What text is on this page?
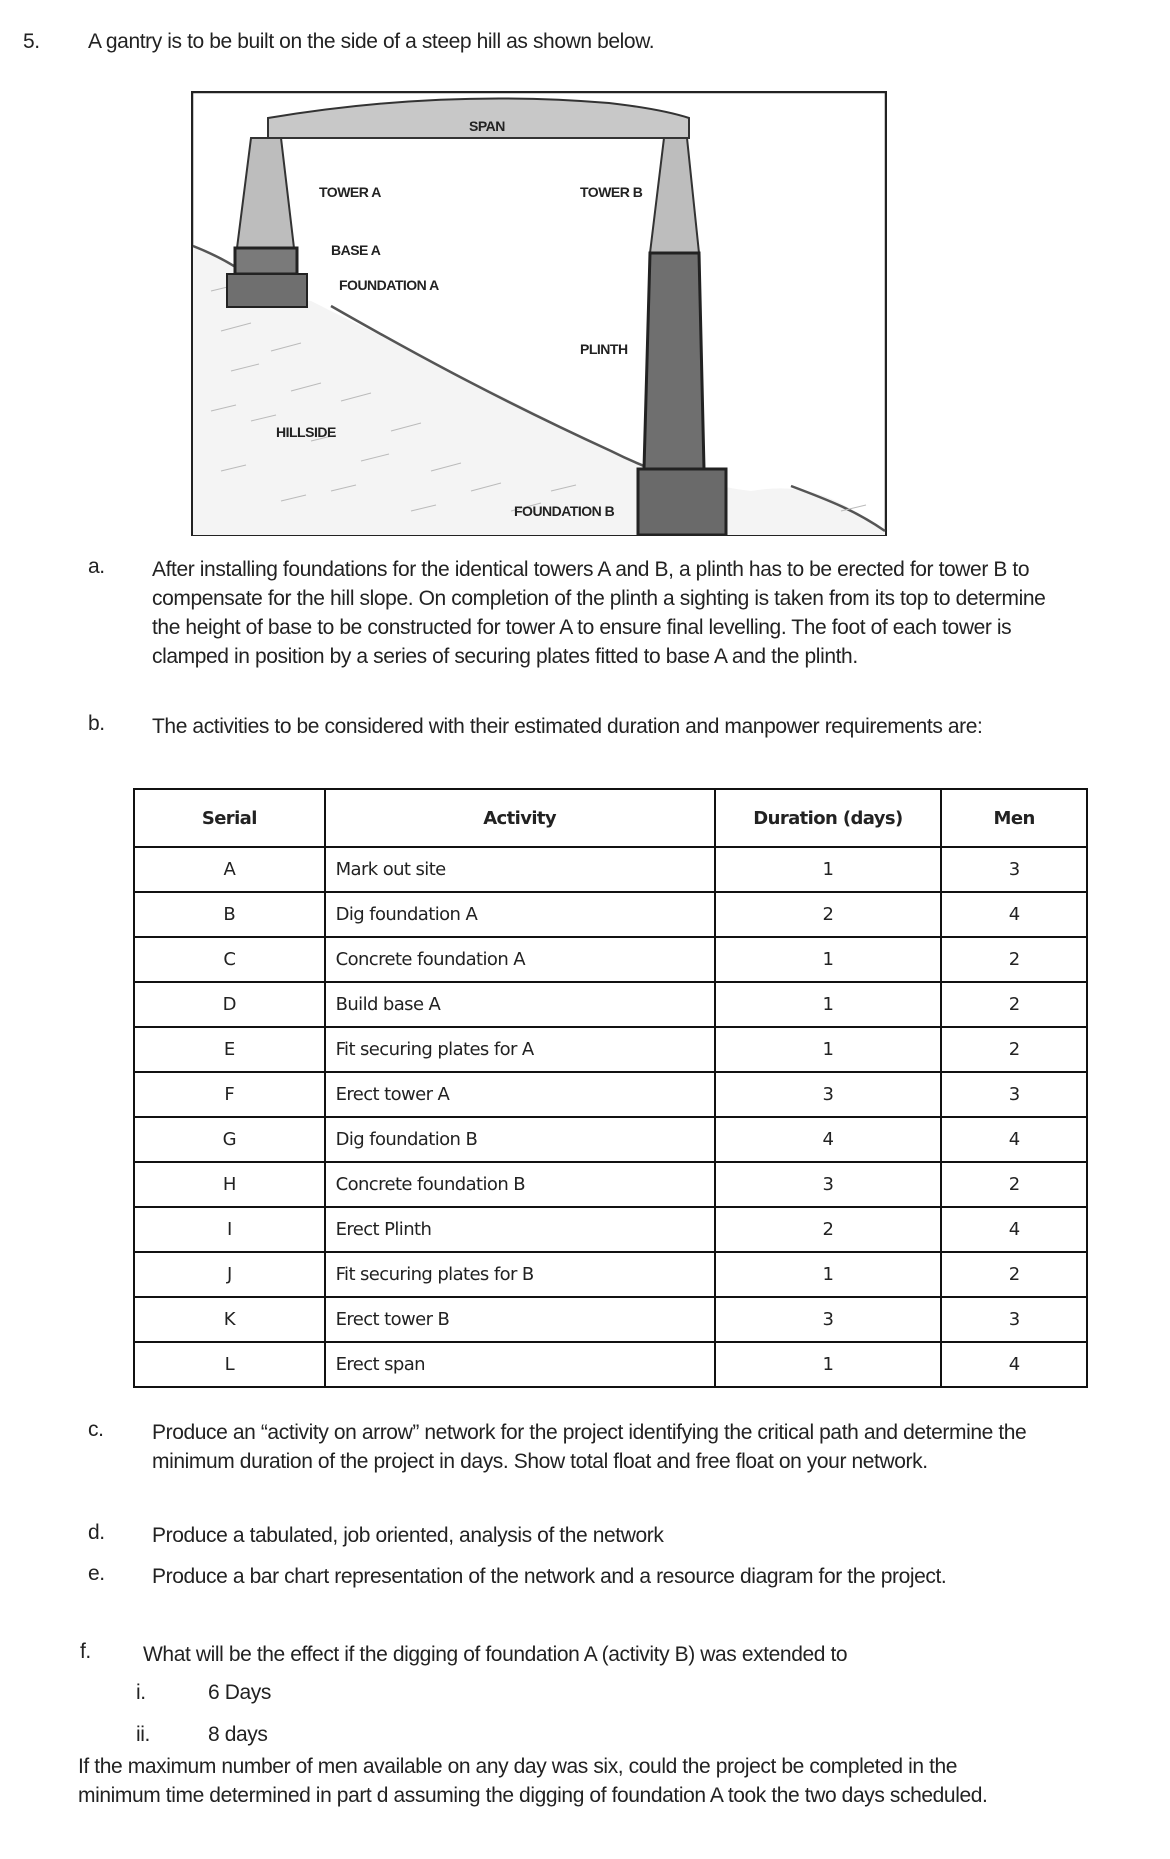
5. A gantry is to be built on the side of a steep hill as shown below.
SPAN
TOWER A	TOWER B
BASE A
FOUNDATION A
PLINTH
HILLSIDE
FOUNDATION B
a. After installing foundations for the identical towers A and B, a plinth has to be erected for tower B to compensate for the hill slope. On completion of the plinth a sighting is taken from its top to determine the height of base to be constructed for tower A to ensure final levelling. The foot of each tower is clamped in position by a series of securing plates fitted to base A and the plinth.
b. The activities to be considered with their estimated duration and manpower requirements are:
Serial	Activity	Duration (days)	Men
A	Mark out site	1	3
B	Dig foundation A	2	4
C	Concrete foundation A	1	2
D	Build base A	1	2
E	Fit securing plates for A	1	2
F	Erect tower A	3	3
G	Dig foundation B	4	4
H	Concrete foundation B	3	2
I	Erect Plinth	2	4
J	Fit securing plates for B	1	2
K	Erect tower B	3	3
L	Erect span	1	4
c. Produce an “activity on arrow” network for the project identifying the critical path and determine the minimum duration of the project in days. Show total float and free float on your network.
d. Produce a tabulated, job oriented, analysis of the network
e. Produce a bar chart representation of the network and a resource diagram for the project.
f. What will be the effect if the digging of foundation A (activity B) was extended to
i.	6 Days
ii.	8 days
If the maximum number of men available on any day was six, could the project be completed in the minimum time determined in part d assuming the digging of foundation A took the two days scheduled.
